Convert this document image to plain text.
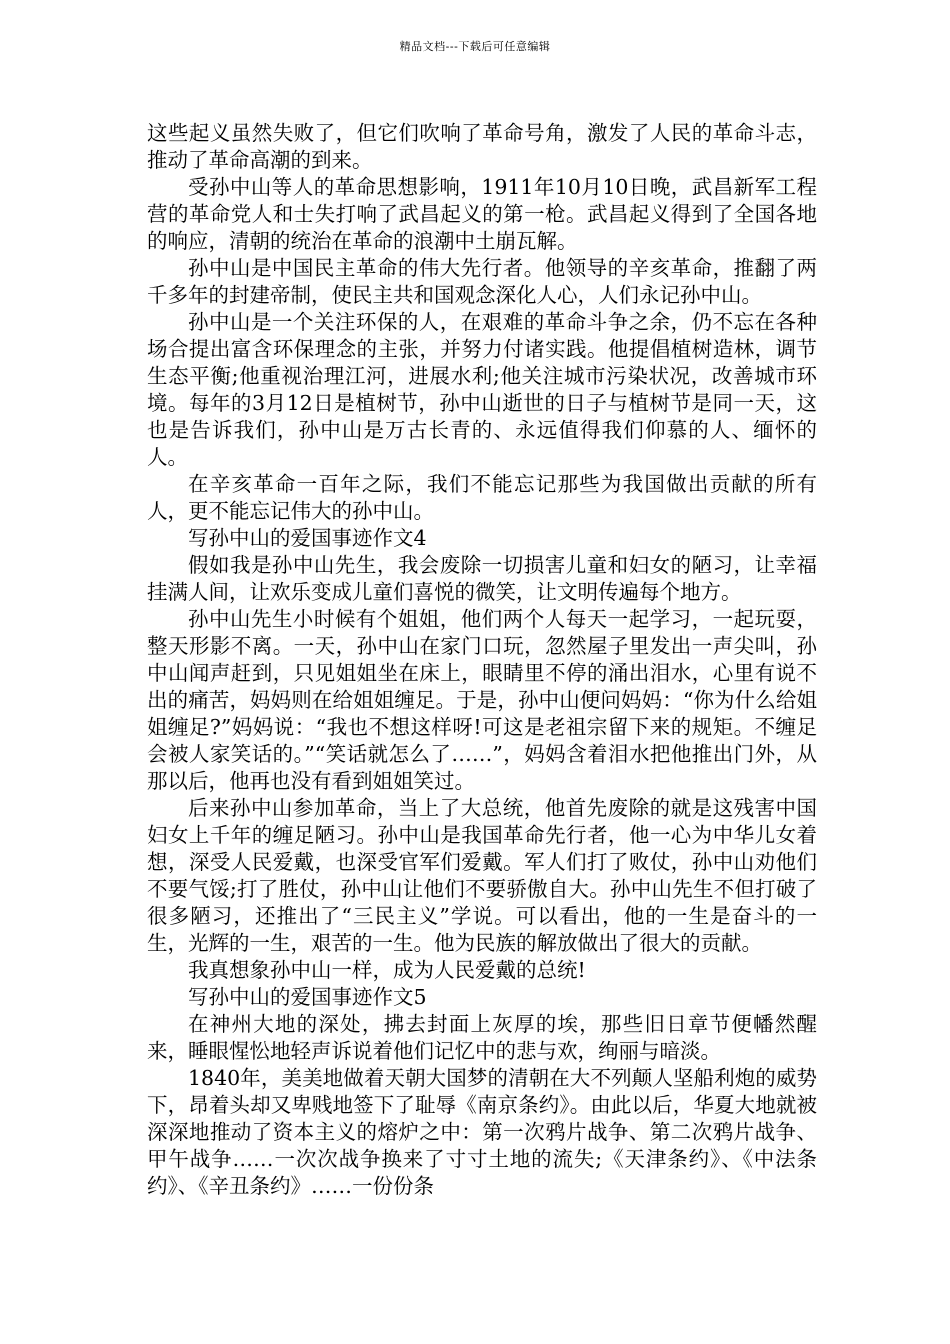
精品文档---下载后可任意编辑

这些起义虽然失败了，但它们吹响了革命号角，激发了人民的革命斗志，推动了革命高潮的到来。

受孙中山等人的革命思想影响，1911年10月10日晚，武昌新军工程营的革命党人和士失打响了武昌起义的第一枪。武昌起义得到了全国各地的响应，清朝的统治在革命的浪潮中土崩瓦解。

孙中山是中国民主革命的伟大先行者。他领导的辛亥革命，推翻了两千多年的封建帝制，使民主共和国观念深化人心，人们永记孙中山。

孙中山是一个关注环保的人，在艰难的革命斗争之余，仍不忘在各种场合提出富含环保理念的主张，并努力付诸实践。他提倡植树造林，调节生态平衡;他重视治理江河，进展水利;他关注城市污染状况，改善城市环境。每年的3月12日是植树节，孙中山逝世的日子与植树节是同一天，这也是告诉我们，孙中山是万古长青的、永远值得我们仰慕的人、缅怀的人。

在辛亥革命一百年之际，我们不能忘记那些为我国做出贡献的所有人，更不能忘记伟大的孙中山。

写孙中山的爱国事迹作文4

假如我是孙中山先生，我会废除一切损害儿童和妇女的陋习，让幸福挂满人间，让欢乐变成儿童们喜悦的微笑，让文明传遍每个地方。

孙中山先生小时候有个姐姐，他们两个人每天一起学习，一起玩耍，整天形影不离。一天，孙中山在家门口玩，忽然屋子里发出一声尖叫，孙中山闻声赶到，只见姐姐坐在床上，眼睛里不停的涌出泪水，心里有说不出的痛苦，妈妈则在给姐姐缠足。于是，孙中山便问妈妈：“你为什么给姐姐缠足?”妈妈说：“我也不想这样呀!可这是老祖宗留下来的规矩。不缠足会被人家笑话的。”“笑话就怎么了……”，妈妈含着泪水把他推出门外，从那以后，他再也没有看到姐姐笑过。

后来孙中山参加革命，当上了大总统，他首先废除的就是这残害中国妇女上千年的缠足陋习。孙中山是我国革命先行者，他一心为中华儿女着想，深受人民爱戴，也深受官军们爱戴。军人们打了败仗，孙中山劝他们不要气馁;打了胜仗，孙中山让他们不要骄傲自大。孙中山先生不但打破了很多陋习，还推出了“三民主义”学说。可以看出，他的一生是奋斗的一生，光辉的一生，艰苦的一生。他为民族的解放做出了很大的贡献。

我真想象孙中山一样，成为人民爱戴的总统!

写孙中山的爱国事迹作文5

在神州大地的深处，拂去封面上灰厚的埃，那些旧日章节便幡然醒来，睡眼惺忪地轻声诉说着他们记忆中的悲与欢，绚丽与暗淡。

1840年，美美地做着天朝大国梦的清朝在大不列颠人坚船利炮的威势下，昂着头却又卑贱地签下了耻辱《南京条约》。由此以后，华夏大地就被深深地推动了资本主义的熔炉之中：第一次鸦片战争、第二次鸦片战争、甲午战争……一次次战争换来了寸寸土地的流失;《天津条约》、《中法条约》、《辛丑条约》……一份份条
